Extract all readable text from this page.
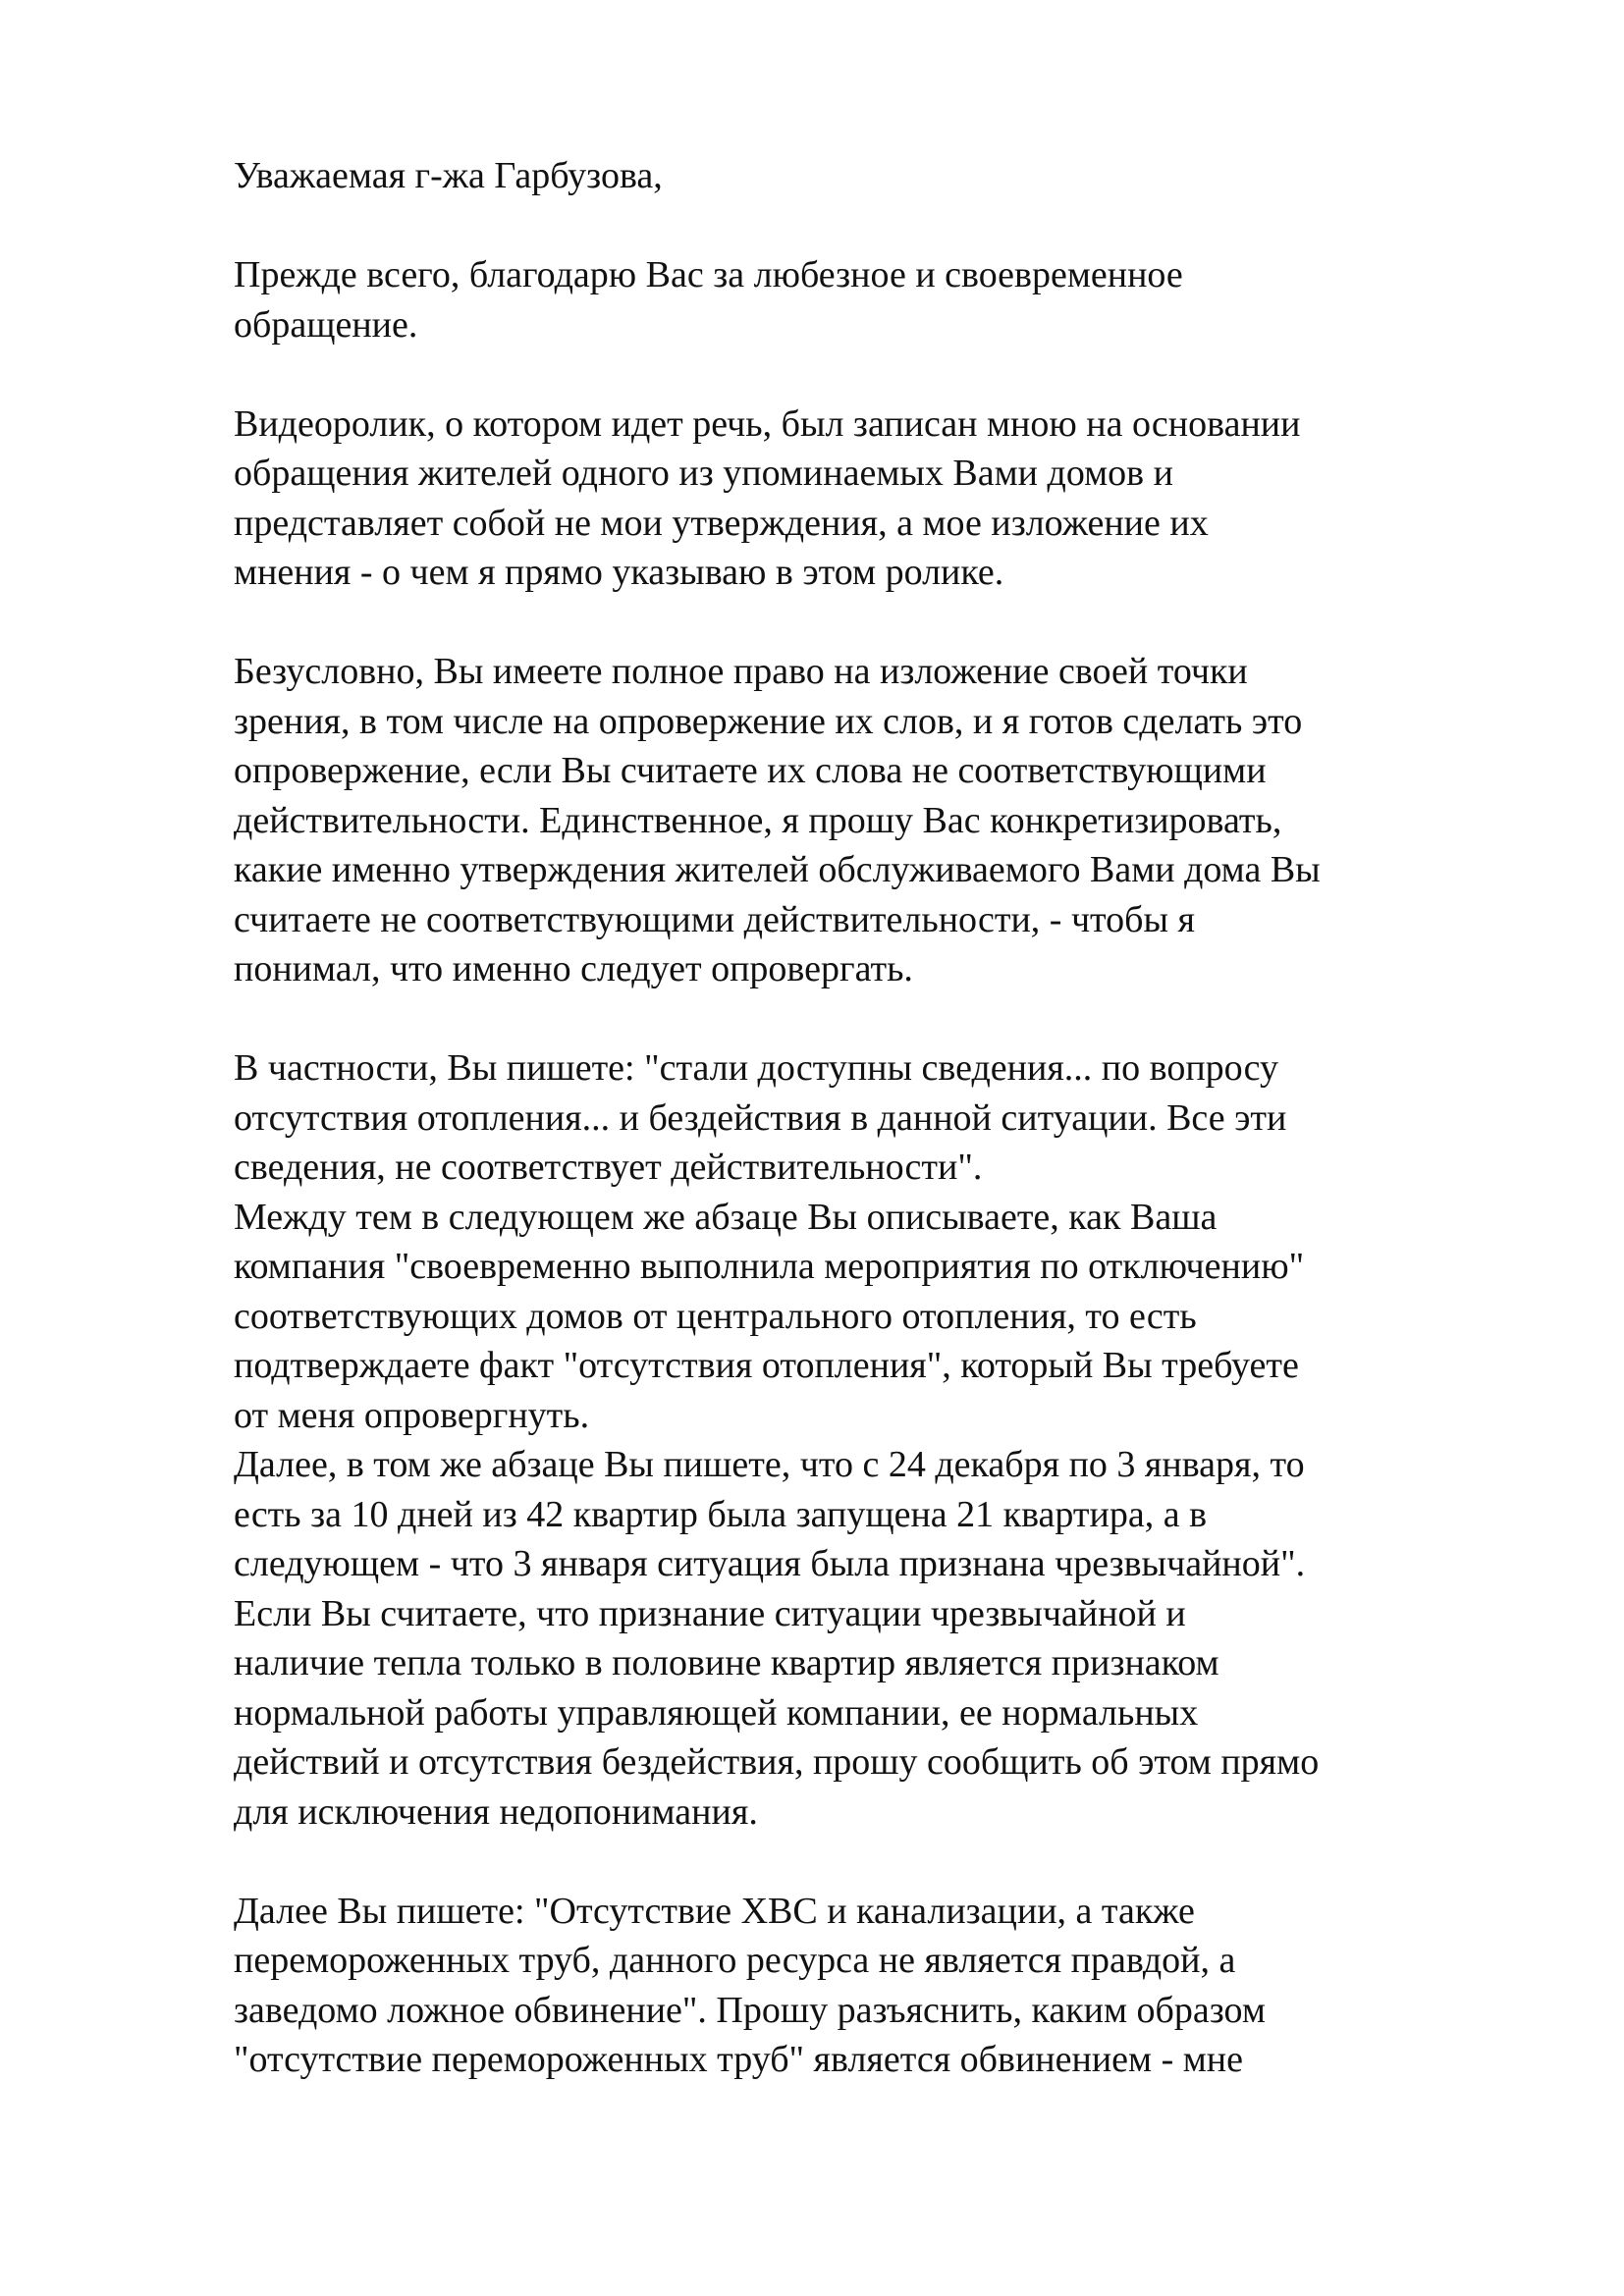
Уважаемая г-жа Гарбузова,
Прежде всего, благодарю Вас за любезное и своевременное
обращение.
Видеоролик, о котором идет речь, был записан мною на основании
обращения жителей одного из упоминаемых Вами домов и
представляет собой не мои утверждения, а мое изложение их
мнения - о чем я прямо указываю в этом ролике.
Безусловно, Вы имеете полное право на изложение своей точки
зрения, в том числе на опровержение их слов, и я готов сделать это
опровержение, если Вы считаете их слова не соответствующими
действительности. Единственное, я прошу Вас конкретизировать,
какие именно утверждения жителей обслуживаемого Вами дома Вы
считаете не соответствующими действительности, - чтобы я
понимал, что именно следует опровергать.
В частности, Вы пишете: "стали доступны сведения... по вопросу
отсутствия отопления... и бездействия в данной ситуации. Все эти
сведения, не соответствует действительности".
Между тем в следующем же абзаце Вы описываете, как Ваша
компания "своевременно выполнила мероприятия по отключению"
соответствующих домов от центрального отопления, то есть
подтверждаете факт "отсутствия отопления", который Вы требуете
от меня опровергнуть.
Далее, в том же абзаце Вы пишете, что с 24 декабря по 3 января, то
есть за 10 дней из 42 квартир была запущена 21 квартира, а в
следующем - что 3 января ситуация была признана чрезвычайной".
Если Вы считаете, что признание ситуации чрезвычайной и
наличие тепла только в половине квартир является признаком
нормальной работы управляющей компании, ее нормальных
действий и отсутствия бездействия, прошу сообщить об этом прямо
для исключения недопонимания.
Далее Вы пишете: "Отсутствие ХВС и канализации, а также
перемороженных труб, данного ресурса не является правдой, а
заведомо ложное обвинение". Прошу разъяснить, каким образом
"отсутствие перемороженных труб" является обвинением - мне
